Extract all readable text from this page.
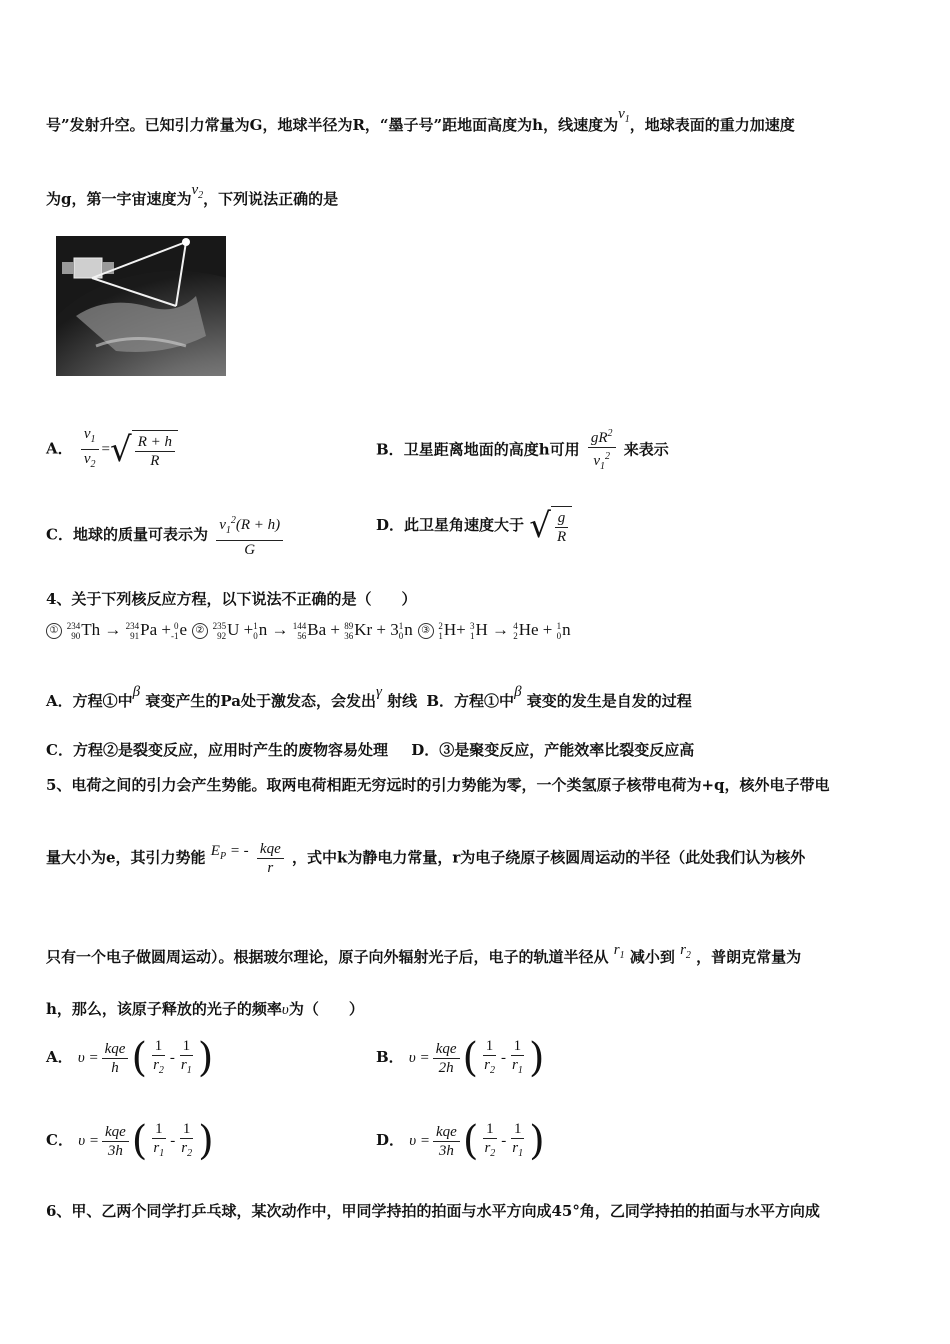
号”发射升空。已知引力常量为G，地球半径为R，“墨子号”距地面高度为h，线速度为$v_1$，地球表面的重力加速度
为g，第一宇宙速度为$v_2$，下列说法正确的是
A． $\frac{v_1}{v_2}$ = √ $\frac{R + h}{R}$	B．卫星距离地面的高度h可用 $\frac{gR^2}{v_1^2}$ 来表示
C．地球的质量可表示为 $\frac{v_1^2(R + h)}{G}$	D．此卫星角速度大于 √ $\frac{g}{R}$
4、关于下列核反应方程，以下说法不正确的是（　　）
① 234
90 Th → 234
91 Pa + 0
-1 e ② 235
92 U + 1
0 n → 144
56 Ba + 89
36 Kr + 3 1
0 n ③ 2
1 H+ 3
1 H → 4
2 He + 1
0 n
A．方程①中β 衰变产生的Pa处于激发态，会发出γ 射线 B．方程①中β 衰变的发生是自发的过程
C．方程②是裂变反应，应用时产生的废物容易处理 D．③是聚变反应，产能效率比裂变反应高
5、电荷之间的引力会产生势能。取两电荷相距无穷远时的引力势能为零，一个类氢原子核带电荷为+q，核外电子带电
量大小为e，其引力势能 $E_P$ = - $\frac{\text{kqe}}{r}$ ，式中k为静电力常量，r为电子绕原子核圆周运动的半径（此处我们认为核外
只有一个电子做圆周运动）。根据玻尔理论，原子向外辐射光子后，电子的轨道半径从 $r_1$ 减小到 $r_2$ ，普朗克常量为
h，那么，该原子释放的光子的频率υ为（　　）
A． $\upsilon = \frac{\text{kqe}}{h}$ ( $\frac{1}{r_2} - \frac{1}{r_1}$ )	B． $\upsilon = \frac{\text{kqe}}{2h}$ ( $\frac{1}{r_2} - \frac{1}{r_1}$ )
C． $\upsilon = \frac{\text{kqe}}{3h}$ ( $\frac{1}{r_1} - \frac{1}{r_2}$ )	D． $\upsilon = \frac{\text{kqe}}{3h}$ ( $\frac{1}{r_2} - \frac{1}{r_1}$ )
6、甲、乙两个同学打乒乓球，某次动作中，甲同学持拍的拍面与水平方向成45°角，乙同学持拍的拍面与水平方向成
